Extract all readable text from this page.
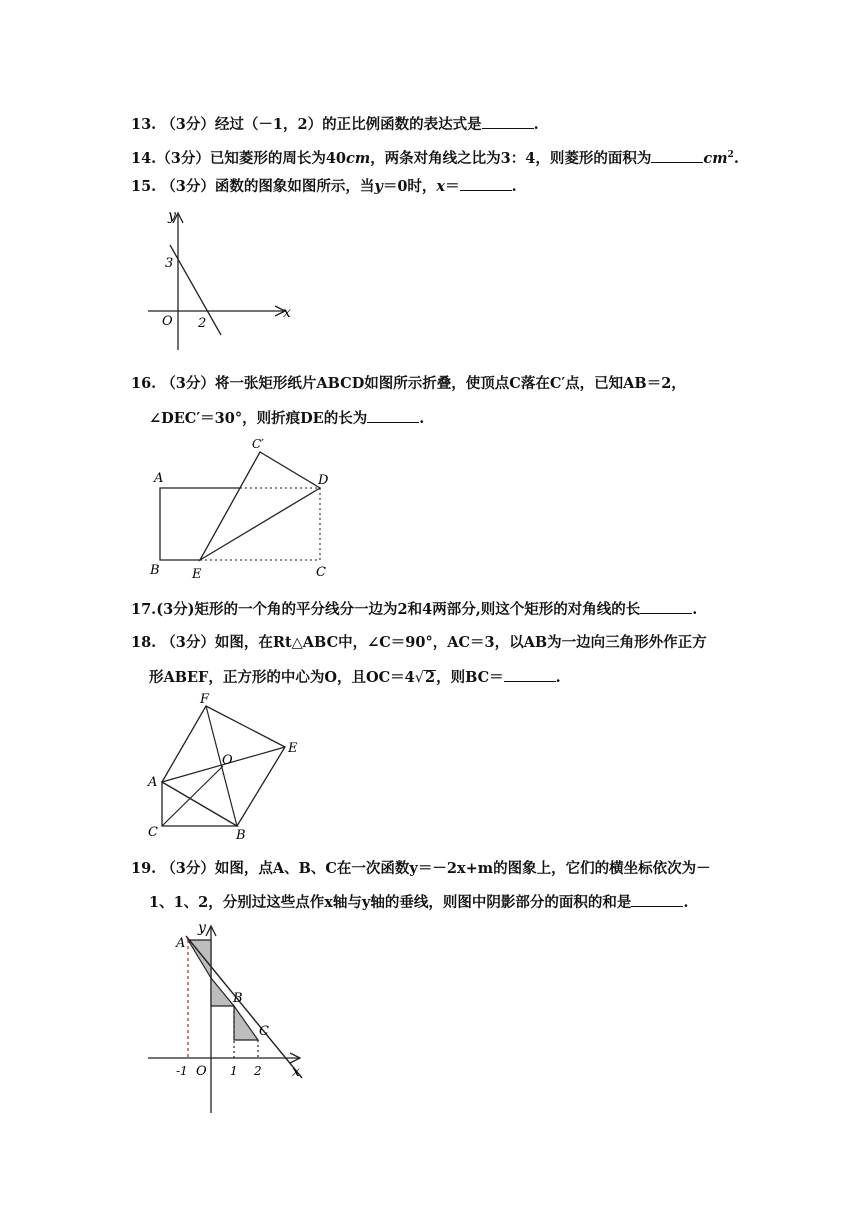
13. （3分）经过（－1，2）的正比例函数的表达式是	.
14.（3分）已知菱形的周长为40cm，两条对角线之比为3：4，则菱形的面积为	$cm^2$.
15. （3分）函数的图象如图所示，当y＝0时，x＝	.
y
x
O
3
2
16. （3分）将一张矩形纸片ABCD如图所示折叠，使顶点C落在C′点，已知AB＝2，
∠DEC′＝30°，则折痕DE的长为	.
A
B	C
D
E
C′
17.(3分)矩形的一个角的平分线分一边为2和4两部分,则这个矩形的对角线的长	.
18. （3分）如图，在Rt△ABC中，∠C＝90°，AC＝3，以AB为一边向三角形外作正方
形ABEF，正方形的中心为O，且OC＝4√2，则BC＝	.
F
E
O
A
C	B
19. （3分）如图，点A、B、C在一次函数y＝－2x+m的图象上，它们的横坐标依次为－
1、1、2，分别过这些点作x轴与y轴的垂线，则图中阴影部分的面积的和是	.
y
x
O
A
B
C
-1	1 2
